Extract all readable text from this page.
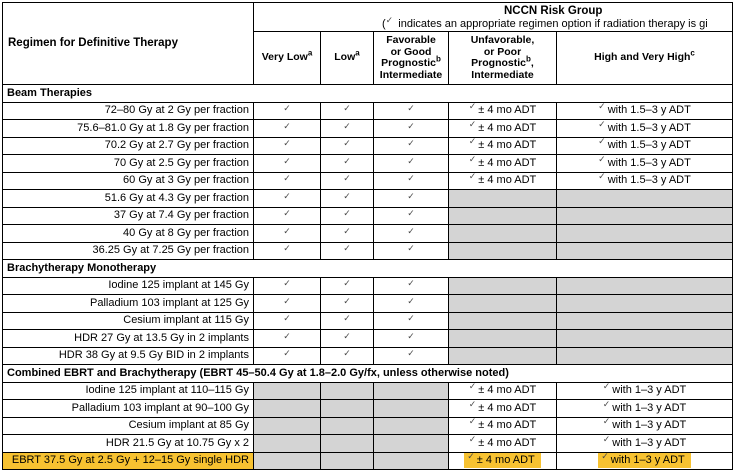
Regimen for Definitive Therapy	NCCN Risk Group
(✓ indicates an appropriate regimen option if radiation therapy is gi				

Very Low$^a$	Low$^a$

Favorable
or Good
Prognostic$^b$
Intermediate

Unfavorable,
or Poor
Prognostic$^b$,
Intermediate

High and Very High$^c$

Beam Therapies					
72–80 Gy at 2 Gy per fraction	✓	✓	✓	✓ ± 4 mo ADT	✓ with 1.5–3 y ADT
75.6–81.0 Gy at 1.8 Gy per fraction	✓	✓	✓	✓ ± 4 mo ADT	✓ with 1.5–3 y ADT
70.2 Gy at 2.7 Gy per fraction	✓	✓	✓	✓ ± 4 mo ADT	✓ with 1.5–3 y ADT
70 Gy at 2.5 Gy per fraction	✓	✓	✓	✓ ± 4 mo ADT	✓ with 1.5–3 y ADT
60 Gy at 3 Gy per fraction	✓	✓	✓	✓ ± 4 mo ADT	✓ with 1.5–3 y ADT
51.6 Gy at 4.3 Gy per fraction	✓	✓	✓		
37 Gy at 7.4 Gy per fraction	✓	✓	✓		
40 Gy at 8 Gy per fraction	✓	✓	✓		
36.25 Gy at 7.25 Gy per fraction	✓	✓	✓		
Brachytherapy Monotherapy					
Iodine 125 implant at 145 Gy	✓	✓	✓		
Palladium 103 implant at 125 Gy	✓	✓	✓		
Cesium implant at 115 Gy	✓	✓	✓		
HDR 27 Gy at 13.5 Gy in 2 implants	✓	✓	✓		
HDR 38 Gy at 9.5 Gy BID in 2 implants	✓	✓	✓		
Combined EBRT and Brachytherapy (EBRT 45–50.4 Gy at 1.8–2.0 Gy/fx, unless otherwise noted)					
Iodine 125 implant at 110–115 Gy				✓ ± 4 mo ADT	✓ with 1–3 y ADT
Palladium 103 implant at 90–100 Gy				✓ ± 4 mo ADT	✓ with 1–3 y ADT
Cesium implant at 85 Gy				✓ ± 4 mo ADT	✓ with 1–3 y ADT
HDR 21.5 Gy at 10.75 Gy x 2				✓ ± 4 mo ADT	✓ with 1–3 y ADT
EBRT 37.5 Gy at 2.5 Gy + 12–15 Gy single HDR				✓ ± 4 mo ADT	✓ with 1–3 y ADT
